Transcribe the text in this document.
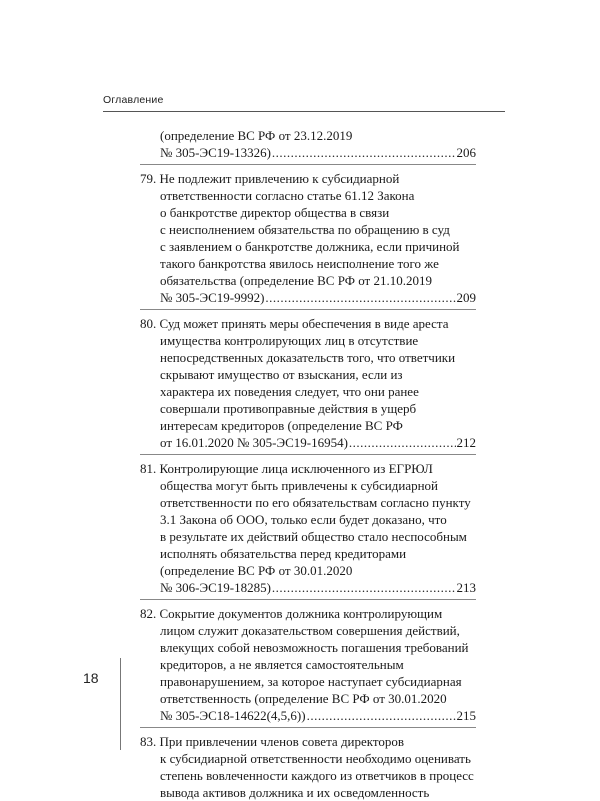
Оглавление
(определение ВС РФ от 23.12.2019
№ 305-ЭС19-13326) .....	206
79. Не подлежит привлечению к субсидиарной
ответственности согласно статье 61.12 Закона
о банкротстве директор общества в связи
с неисполнением обязательства по обращению в суд
с заявлением о банкротстве должника, если причиной
такого банкротства явилось неисполнение того же
обязательства (определение ВС РФ от 21.10.2019
№ 305-ЭС19-9992) .....	209
80. Суд может принять меры обеспечения в виде ареста
имущества контролирующих лиц в отсутствие
непосредственных доказательств того, что ответчики
скрывают имущество от взыскания, если из
характера их поведения следует, что они ранее
совершали противоправные действия в ущерб
интересам кредиторов (определение ВС РФ
от 16.01.2020 № 305-ЭС19-16954) .....	212
81. Контролирующие лица исключенного из ЕГРЮЛ
общества могут быть привлечены к субсидиарной
ответственности по его обязательствам согласно пункту
3.1 Закона об ООО, только если будет доказано, что
в результате их действий общество стало неспособным
исполнять обязательства перед кредиторами
(определение ВС РФ от 30.01.2020
№ 306-ЭС19-18285) .....	213
82. Сокрытие документов должника контролирующим
лицом служит доказательством совершения действий,
влекущих собой невозможность погашения требований
кредиторов, а не является самостоятельным
правонарушением, за которое наступает субсидиарная
ответственность (определение ВС РФ от 30.01.2020
№ 305-ЭС18-14622(4,5,6)) .....	215
83. При привлечении членов совета директоров
к субсидиарной ответственности необходимо оценивать
степень вовлеченности каждого из ответчиков в процесс
вывода активов должника и их осведомленность
18
